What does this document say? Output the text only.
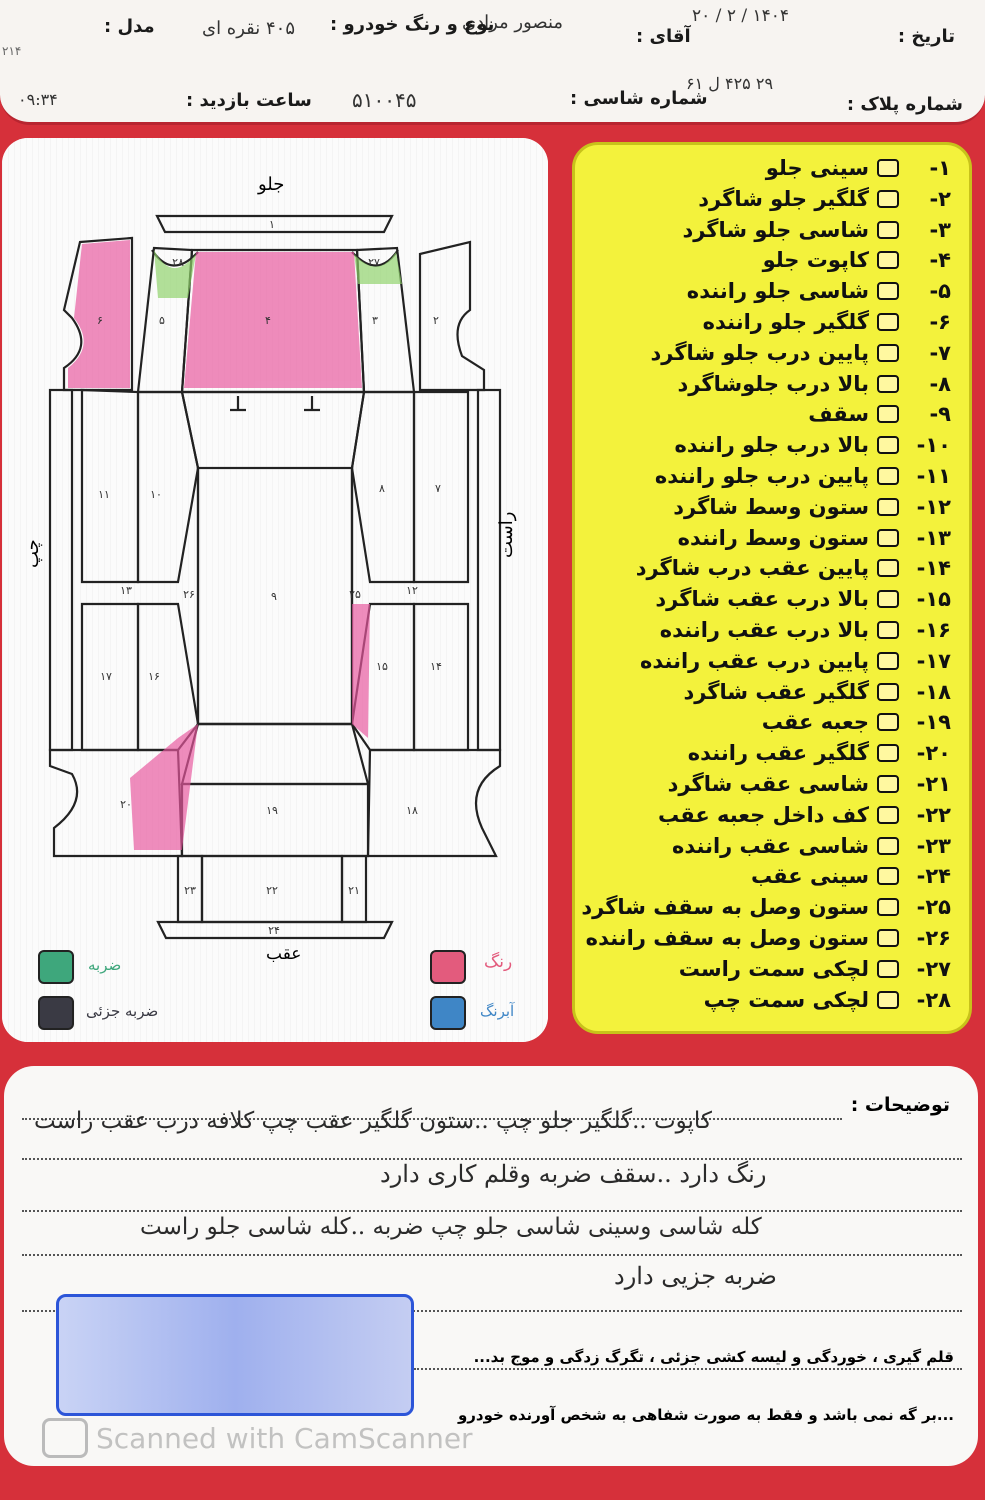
تاریخ :
۱۴۰۴ / ۲ / ۲۰
آقای :
منصور مرادی
نوع و رنگ خودرو :
۴۰۵ نقره ای
مدل :
۲۱۴
شماره پلاک :
۲۹ ۴۲۵ ل ۶۱
شماره شاسی :
۵۱۰۰۴۵
ساعت بازدید :
۰۹:۳۴
۱
۲
۳
۴
۵
۶
۷
۸
۹
۱۰
۱۱
۱۲
۱۳
۱۴
۱۵
۱۶
۱۷
۱۸
۱۹
۲۰
۲۱
۲۲
۲۳
۲۴
۲۵
۲۶
۲۷
۲۸
جلو
عقب
راست
چپ
ضربه
ضربه جزئی
رنگ
آبرنگ
۱-
سینی جلو
۲-
گلگیر جلو شاگرد
۳-
شاسی جلو شاگرد
۴-
کاپوت جلو
۵-
شاسی جلو راننده
۶-
گلگیر جلو راننده
۷-
پایین درب جلو شاگرد
۸-
بالا درب جلوشاگرد
۹-
سقف
۱۰-
بالا درب جلو راننده
۱۱-
پایین درب جلو راننده
۱۲-
ستون وسط شاگرد
۱۳-
ستون وسط راننده
۱۴-
پایین عقب درب شاگرد
۱۵-
بالا درب عقب شاگرد
۱۶-
بالا درب عقب راننده
۱۷-
پایین درب عقب راننده
۱۸-
گلگیر عقب شاگرد
۱۹-
جعبه عقب
۲۰-
گلگیر عقب راننده
۲۱-
شاسی عقب شاگرد
۲۲-
کف داخل جعبه عقب
۲۳-
شاسی عقب راننده
۲۴-
سینی عقب
۲۵-
ستون وصل به سقف شاگرد
۲۶-
ستون وصل به سقف راننده
۲۷-
لچکی سمت راست
۲۸-
لچکی سمت چپ
توضیحات :
کاپوت ..گلگیر جلو چپ ..ستون گلگیر عقب چپ کلافه درب عقب راست
رنگ دارد ..سقف ضربه وقلم کاری دارد
کله شاسی وسینی شاسی جلو چپ ضربه ..کله شاسی جلو راست
ضربه جزیی دارد
قلم گیری ، خوردگی و لیسه کشی جزئی ، تگرگ زدگی و موج بد...
...بر گه نمی باشد و فقط به صورت شفاهی به شخص آورنده خودرو
Scanned with CamScanner
